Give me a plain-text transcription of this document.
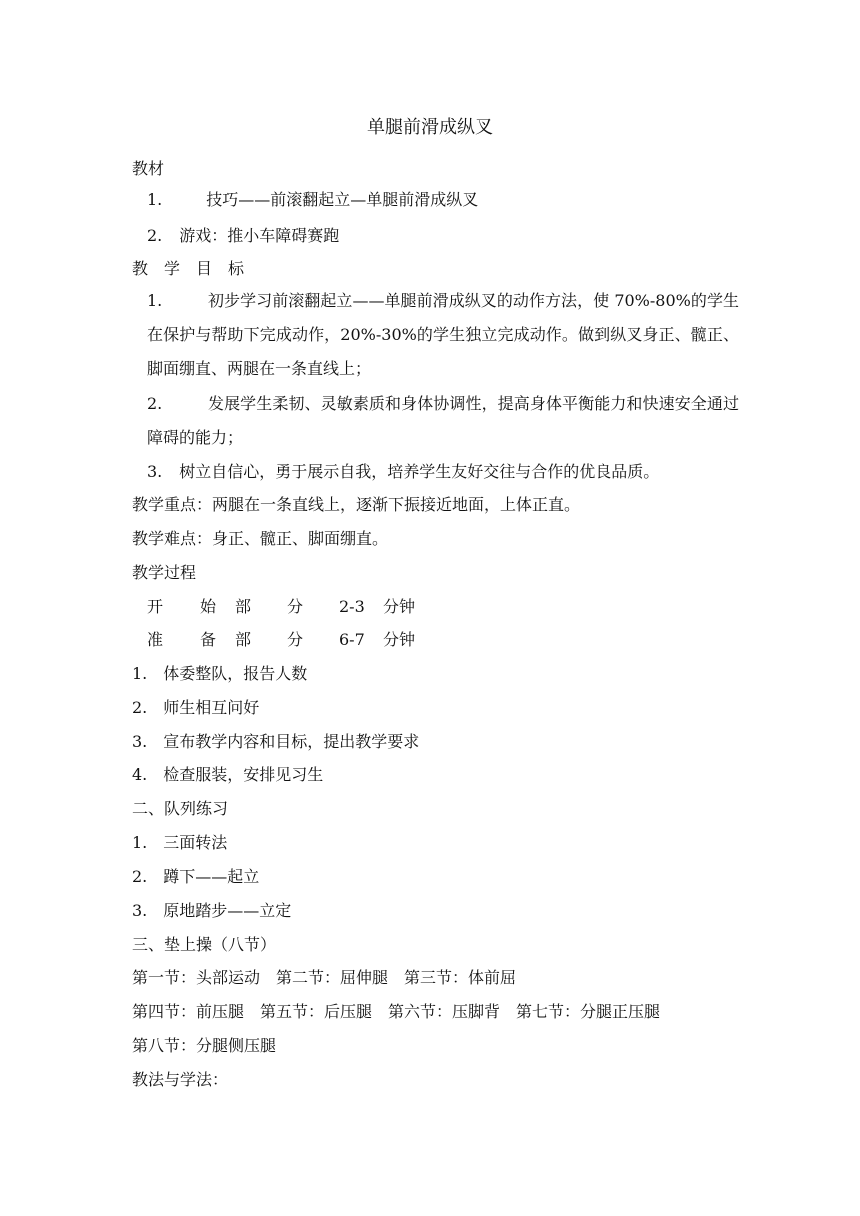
单腿前滑成纵叉
教材
1.	技巧——前滚翻起立—单腿前滑成纵叉
2. 游戏：推小车障碍赛跑
教　学　目　标
1.	初步学习前滚翻起立——单腿前滑成纵叉的动作方法，使 70%-80%的学生在保护与帮助下完成动作，20%-30%的学生独立完成动作。做到纵叉身正、髋正、脚面绷直、两腿在一条直线上；
2.	发展学生柔韧、灵敏素质和身体协调性，提高身体平衡能力和快速安全通过障碍的能力；
3. 树立自信心，勇于展示自我，培养学生友好交往与合作的优良品质。
教学重点：两腿在一条直线上，逐渐下振接近地面，上体正直。
教学难点：身正、髋正、脚面绷直。
教学过程
开 始 部 分 2-3 分钟
准 备 部 分 6-7 分钟
1. 体委整队，报告人数
2. 师生相互问好
3. 宣布教学内容和目标，提出教学要求
4. 检查服装，安排见习生
二、队列练习
1. 三面转法
2. 蹲下——起立
3. 原地踏步——立定
三、垫上操（八节）
第一节：头部运动　第二节：屈伸腿　第三节：体前屈
第四节：前压腿　第五节：后压腿　第六节：压脚背　第七节：分腿正压腿
第八节：分腿侧压腿
教法与学法：
